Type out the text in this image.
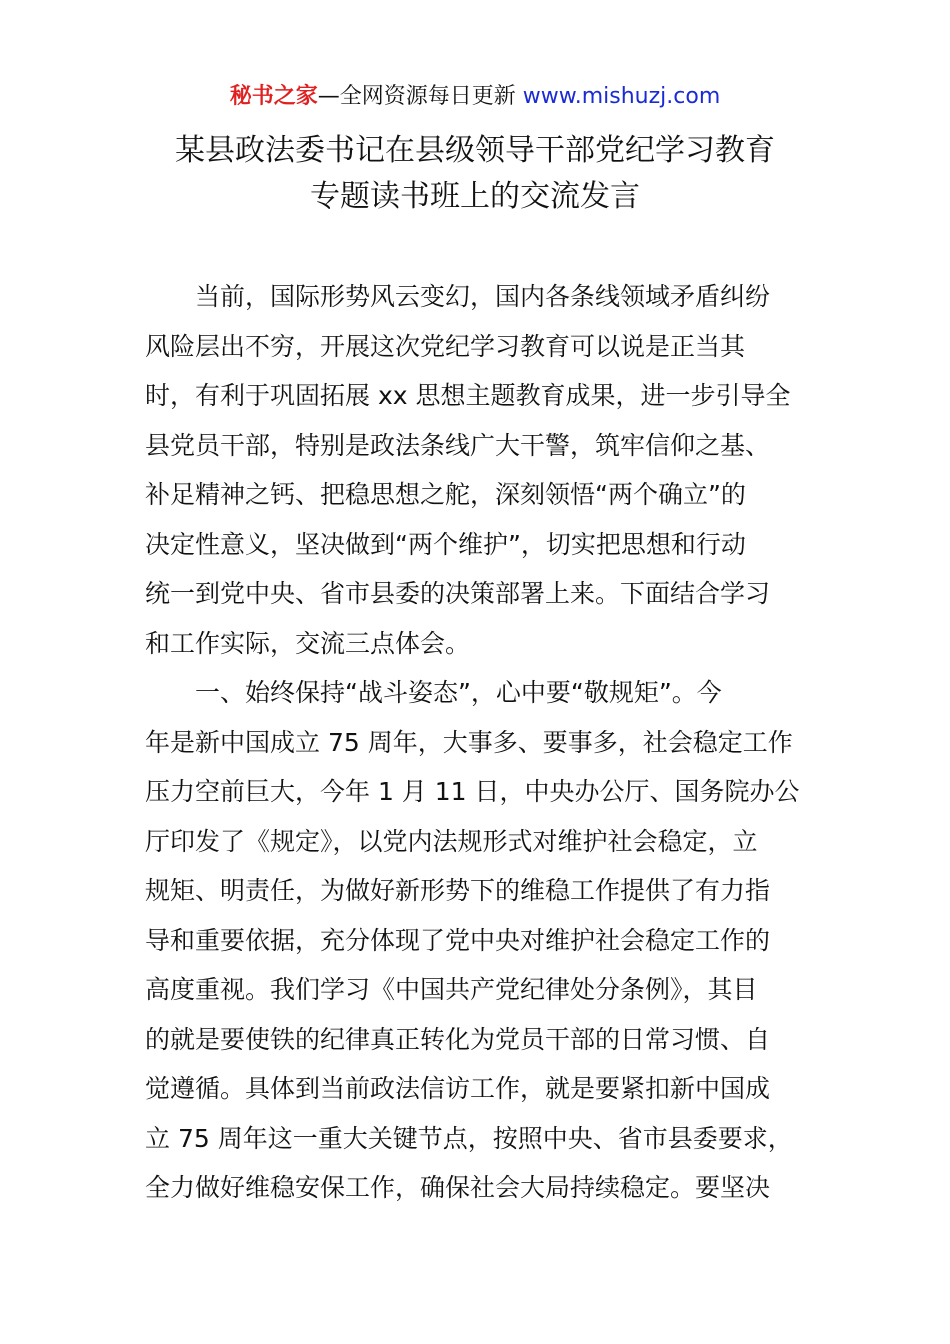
秘书之家—全网资源每日更新 www.mishuzj.com
某县政法委书记在县级领导干部党纪学习教育
专题读书班上的交流发言
当前，国际形势风云变幻，国内各条线领域矛盾纠纷
风险层出不穷，开展这次党纪学习教育可以说是正当其
时，有利于巩固拓展 xx 思想主题教育成果，进一步引导全
县党员干部，特别是政法条线广大干警，筑牢信仰之基、
补足精神之钙、把稳思想之舵，深刻领悟“两个确立”的
决定性意义，坚决做到“两个维护”，切实把思想和行动
统一到党中央、省市县委的决策部署上来。下面结合学习
和工作实际，交流三点体会。
一、始终保持“战斗姿态”，心中要“敬规矩”。今
年是新中国成立 75 周年，大事多、要事多，社会稳定工作
压力空前巨大，今年 1 月 11 日，中央办公厅、国务院办公
厅印发了《规定》，以党内法规形式对维护社会稳定，立
规矩、明责任，为做好新形势下的维稳工作提供了有力指
导和重要依据，充分体现了党中央对维护社会稳定工作的
高度重视。我们学习《中国共产党纪律处分条例》，其目
的就是要使铁的纪律真正转化为党员干部的日常习惯、自
觉遵循。具体到当前政法信访工作，就是要紧扣新中国成
立 75 周年这一重大关键节点，按照中央、省市县委要求，
全力做好维稳安保工作，确保社会大局持续稳定。要坚决
